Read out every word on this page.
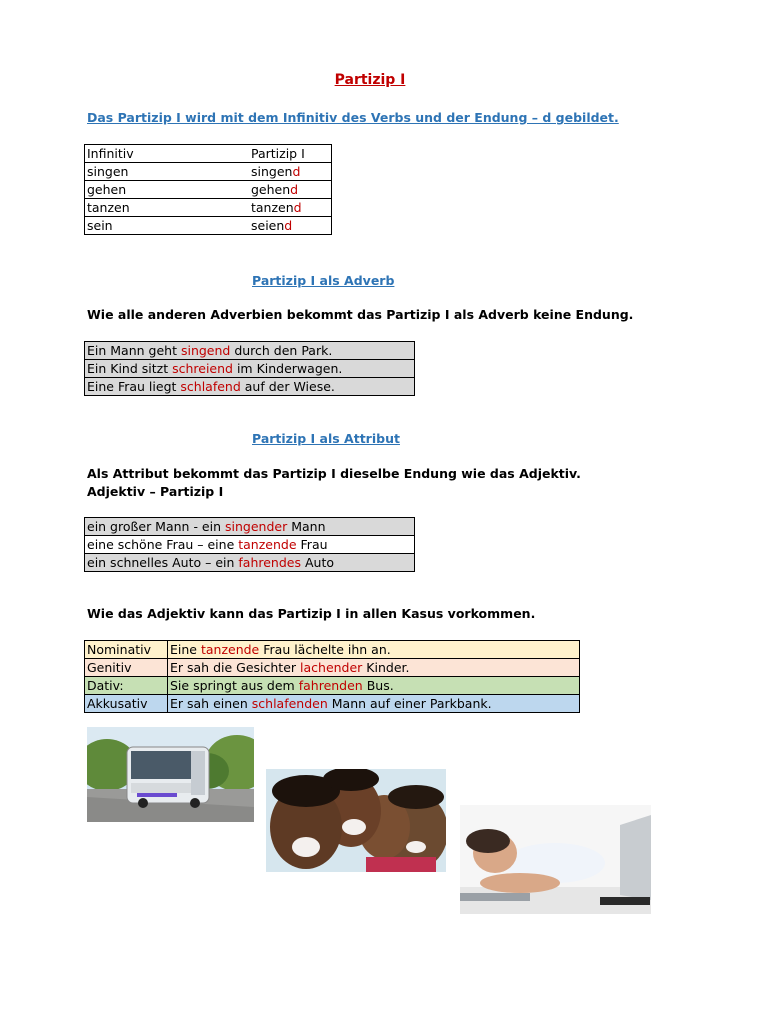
Partizip I
Das Partizip I wird mit dem Infinitiv des Verbs und der Endung – d gebildet.
Infinitiv	Partizip I
singen	singend
gehen	gehend
tanzen	tanzend
sein	seiend
Partizip I als Adverb
Wie alle anderen Adverbien bekommt das Partizip I als Adverb keine Endung.
Ein Mann geht singend durch den Park.
Ein Kind sitzt schreiend im Kinderwagen.
Eine Frau liegt schlafend auf der Wiese.
Partizip I als Attribut
Als Attribut bekommt das Partizip I dieselbe Endung wie das Adjektiv.
Adjektiv – Partizip I
ein großer Mann - ein singender Mann
eine schöne Frau – eine tanzende Frau
ein schnelles Auto – ein fahrendes Auto
Wie das Adjektiv kann das Partizip I in allen Kasus vorkommen.
Nominativ	Eine tanzende Frau lächelte ihn an.
Genitiv	Er sah die Gesichter lachender Kinder.
Dativ:	Sie springt aus dem fahrenden Bus.
Akkusativ	Er sah einen schlafenden Mann auf einer Parkbank.
